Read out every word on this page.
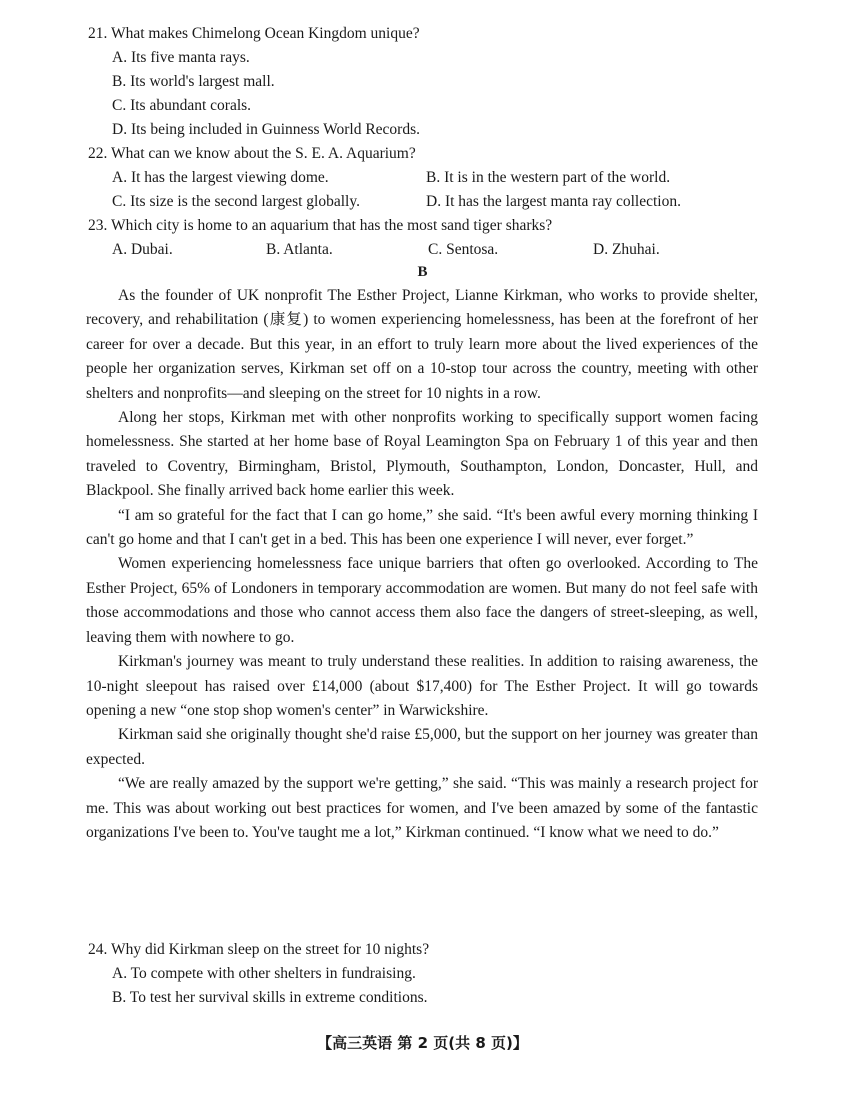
21. What makes Chimelong Ocean Kingdom unique?
A. Its five manta rays.
B. Its world's largest mall.
C. Its abundant corals.
D. Its being included in Guinness World Records.
22. What can we know about the S. E. A. Aquarium?
A. It has the largest viewing dome.	B. It is in the western part of the world.
C. Its size is the second largest globally.	D. It has the largest manta ray collection.
23. Which city is home to an aquarium that has the most sand tiger sharks?
A. Dubai.	B. Atlanta.	C. Sentosa.	D. Zhuhai.
B

As the founder of UK nonprofit The Esther Project, Lianne Kirkman, who works to provide shelter, recovery, and rehabilitation (康复) to women experiencing homelessness, has been at the forefront of her career for over a decade. But this year, in an effort to truly learn more about the lived experiences of the people her organization serves, Kirkman set off on a 10-stop tour across the country, meeting with other shelters and nonprofits—and sleeping on the street for 10 nights in a row.

Along her stops, Kirkman met with other nonprofits working to specifically support women facing homelessness. She started at her home base of Royal Leamington Spa on February 1 of this year and then traveled to Coventry, Birmingham, Bristol, Plymouth, Southampton, London, Doncaster, Hull, and Blackpool. She finally arrived back home earlier this week.

“I am so grateful for the fact that I can go home,” she said. “It's been awful every morning thinking I can't go home and that I can't get in a bed. This has been one experience I will never, ever forget.”

Women experiencing homelessness face unique barriers that often go overlooked. According to The Esther Project, 65% of Londoners in temporary accommodation are women. But many do not feel safe with those accommodations and those who cannot access them also face the dangers of street-sleeping, as well, leaving them with nowhere to go.

Kirkman's journey was meant to truly understand these realities. In addition to raising awareness, the 10-night sleepout has raised over £14,000 (about $17,400) for The Esther Project. It will go towards opening a new “one stop shop women's center” in Warwickshire.

Kirkman said she originally thought she'd raise £5,000, but the support on her journey was greater than expected.

“We are really amazed by the support we're getting,” she said. “This was mainly a research project for me. This was about working out best practices for women, and I've been amazed by some of the fantastic organizations I've been to. You've taught me a lot,” Kirkman continued. “I know what we need to do.”

24. Why did Kirkman sleep on the street for 10 nights?
A. To compete with other shelters in fundraising.
B. To test her survival skills in extreme conditions.
【高三英语 第 2 页(共 8 页)】
